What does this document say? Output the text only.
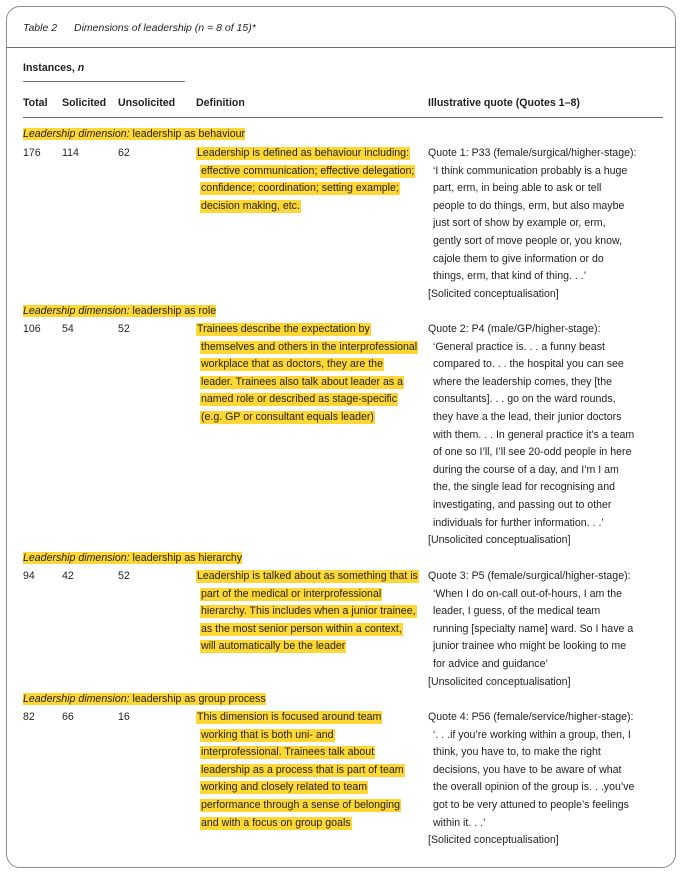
Table 2 Dimensions of leadership (n = 8 of 15)*
Instances, n
Total Solicited Unsolicited Definition	Illustrative quote (Quotes 1–8)
Leadership dimension: leadership as behaviour
176 114	62	Leadership is defined as behaviour including:
effective communication; effective delegation;
confidence; coordination; setting example;
decision making, etc.
Quote 1: P33 (female/surgical/higher-stage):
‘I think communication probably is a huge
part, erm, in being able to ask or tell
people to do things, erm, but also maybe
just sort of show by example or, erm,
gently sort of move people or, you know,
cajole them to give information or do
things, erm, that kind of thing. . .’
[Solicited conceptualisation]
Leadership dimension: leadership as role
106 54	52	Trainees describe the expectation by
themselves and others in the interprofessional
workplace that as doctors, they are the
leader. Trainees also talk about leader as a
named role or described as stage-specific
(e.g. GP or consultant equals leader)
Quote 2: P4 (male/GP/higher-stage):
‘General practice is. . . a funny beast
compared to. . . the hospital you can see
where the leadership comes, they [the
consultants]. . . go on the ward rounds,
they have a the lead, their junior doctors
with them. . . In general practice it’s a team
of one so I’ll, I’ll see 20-odd people in here
during the course of a day, and I’m I am
the, the single lead for recognising and
investigating, and passing out to other
individuals for further information. . .’
[Unsolicited conceptualisation]
Leadership dimension: leadership as hierarchy
94	42	52	Leadership is talked about as something that is
part of the medical or interprofessional
hierarchy. This includes when a junior trainee,
as the most senior person within a context,
will automatically be the leader
Quote 3: P5 (female/surgical/higher-stage):
‘When I do on-call out-of-hours, I am the
leader, I guess, of the medical team
running [specialty name] ward. So I have a
junior trainee who might be looking to me
for advice and guidance’
[Unsolicited conceptualisation]
Leadership dimension: leadership as group process
82	66	16	This dimension is focused around team
working that is both uni- and
interprofessional. Trainees talk about
leadership as a process that is part of team
working and closely related to team
performance through a sense of belonging
and with a focus on group goals
Quote 4: P56 (female/service/higher-stage):
‘. . .if you’re working within a group, then, I
think, you have to, to make the right
decisions, you have to be aware of what
the overall opinion of the group is. . .you’ve
got to be very attuned to people’s feelings
within it. . .’
[Solicited conceptualisation]
